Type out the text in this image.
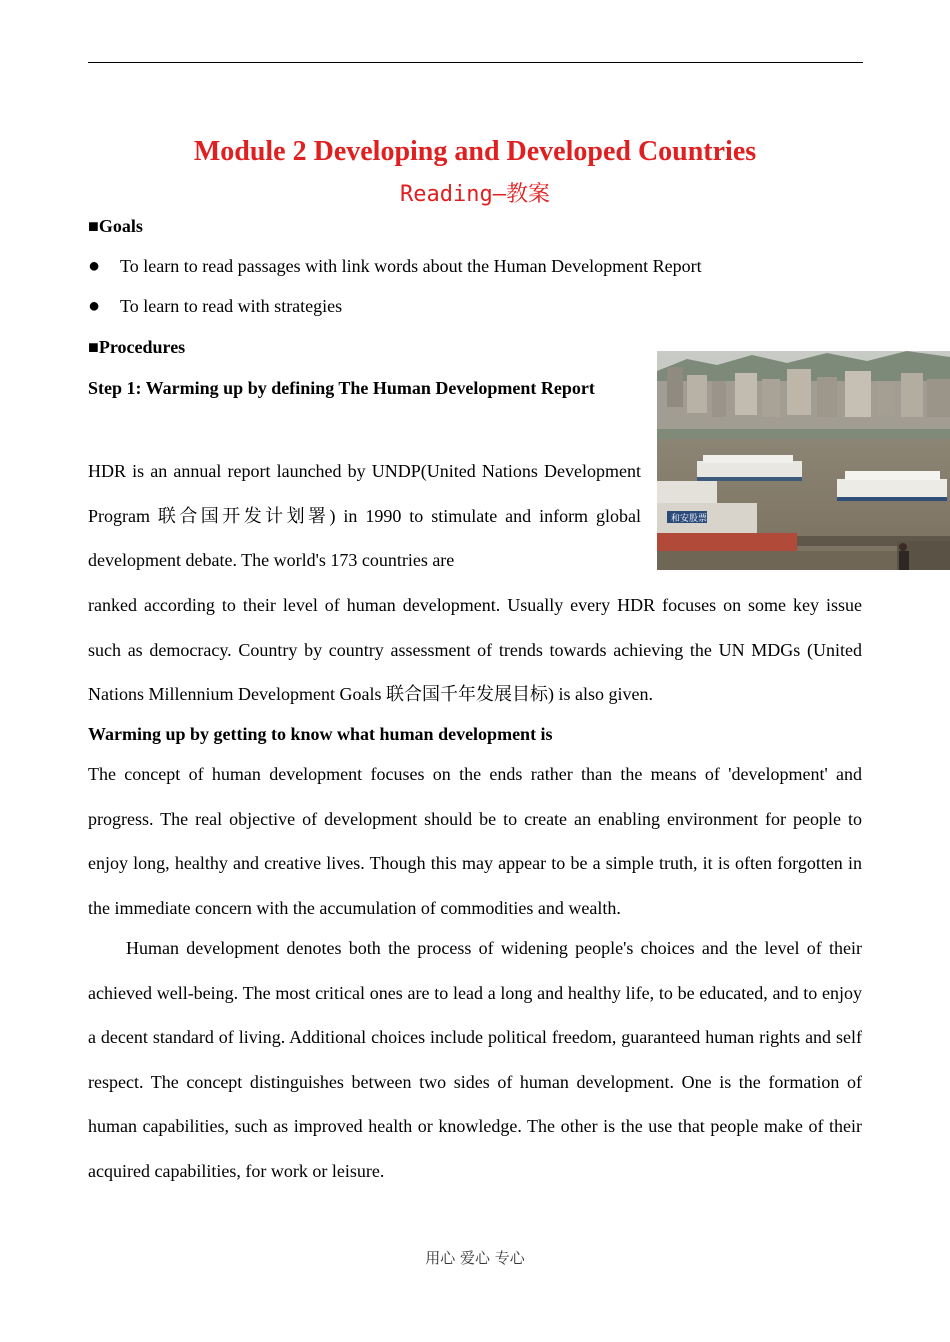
Module 2 Developing and Developed Countries
Reading—教案
■Goals
● To learn to read passages with link words about the Human Development Report
● To learn to read with strategies
■Procedures
Step 1: Warming up by defining The Human Development Report
HDR is an annual report launched by UNDP(United Nations Development Program 联合国开发计划署) in 1990 to stimulate and inform global development debate. The world's 173 countries are
ranked according to their level of human development. Usually every HDR focuses on some key issue such as democracy. Country by country assessment of trends towards achieving the UN MDGs (United Nations Millennium Development Goals 联合国千年发展目标) is also given.
Warming up by getting to know what human development is
The concept of human development focuses on the ends rather than the means of 'development' and progress. The real objective of development should be to create an enabling environment for people to enjoy long, healthy and creative lives. Though this may appear to be a simple truth, it is often forgotten in the immediate concern with the accumulation of commodities and wealth.
Human development denotes both the process of widening people's choices and the level of their achieved well-being. The most critical ones are to lead a long and healthy life, to be educated, and to enjoy a decent standard of living. Additional choices include political freedom, guaranteed human rights and self respect. The concept distinguishes between two sides of human development. One is the formation of human capabilities, such as improved health or knowledge. The other is the use that people make of their acquired capabilities, for work or leisure.
和安股票
用心 爱心 专心
